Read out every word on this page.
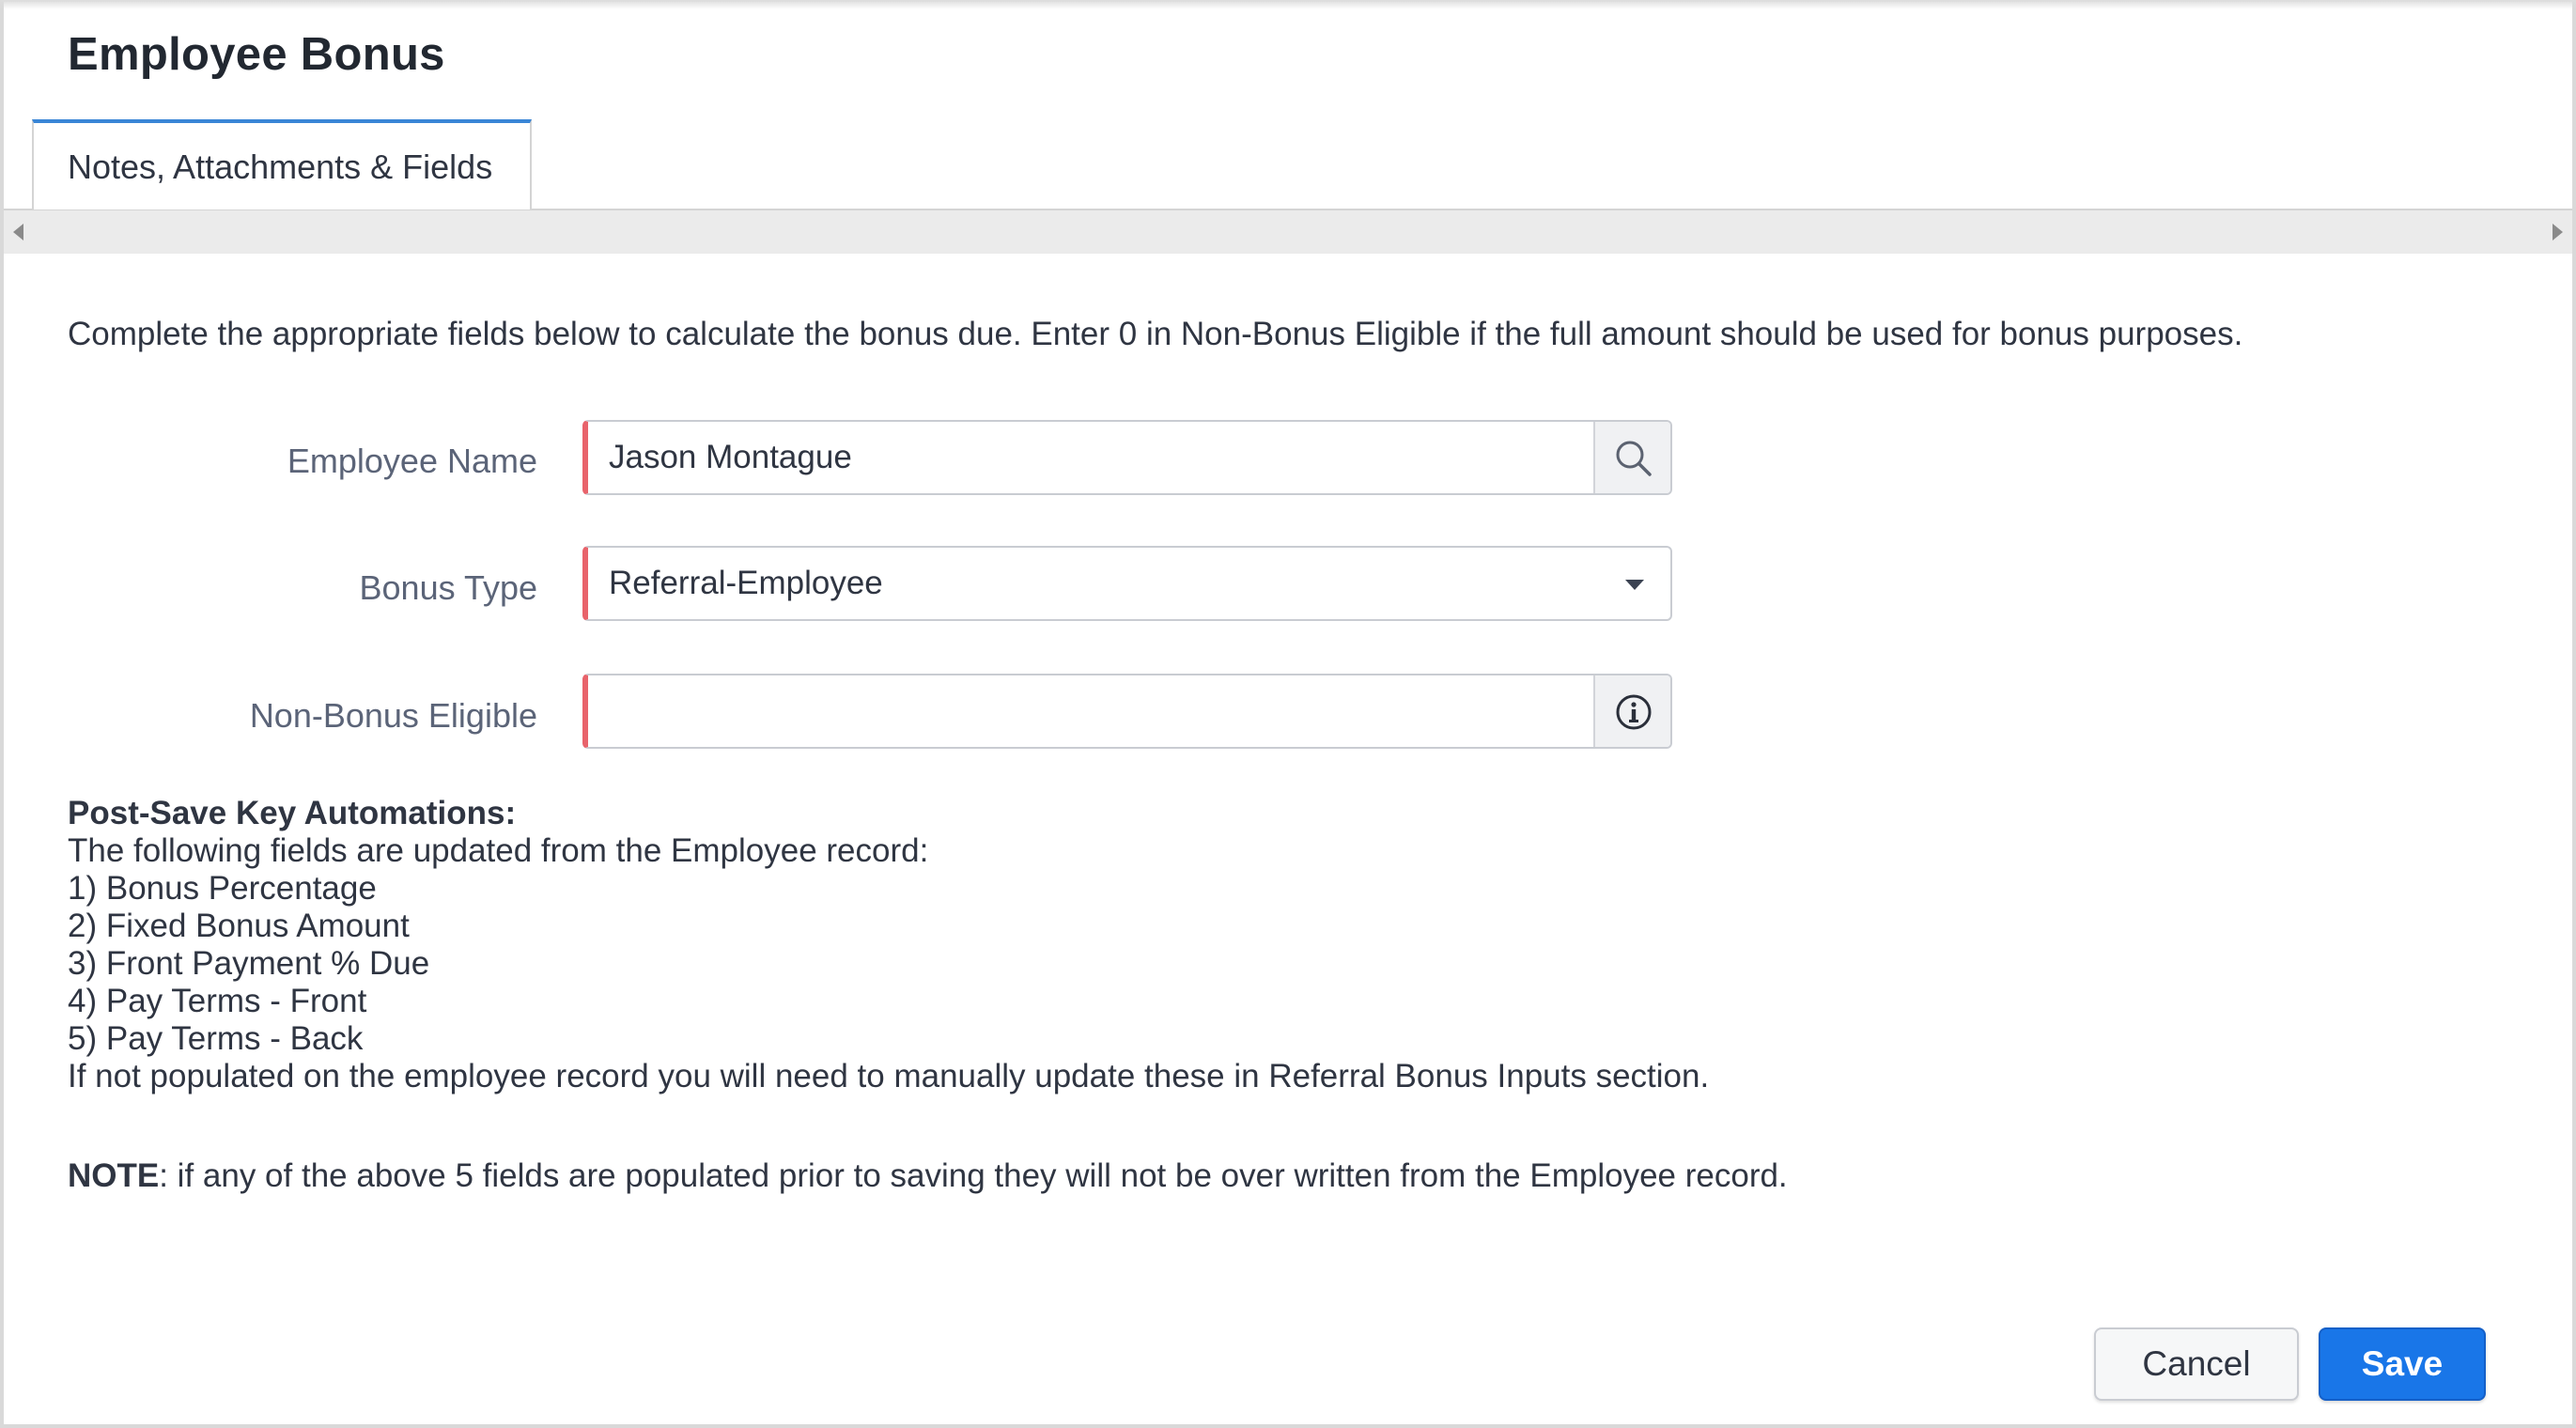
Employee Bonus
Notes, Attachments & Fields
Complete the appropriate fields below to calculate the bonus due. Enter 0 in Non-Bonus Eligible if the full amount should be used for bonus purposes.
Employee Name Jason Montague
Bonus Type Referral-Employee
Non-Bonus Eligible
Post-Save Key Automations:
The following fields are updated from the Employee record:
1) Bonus Percentage
2) Fixed Bonus Amount
3) Front Payment % Due
4) Pay Terms - Front
5) Pay Terms - Back
If not populated on the employee record you will need to manually update these in Referral Bonus Inputs section.
NOTE: if any of the above 5 fields are populated prior to saving they will not be over written from the Employee record.
Cancel	Save
